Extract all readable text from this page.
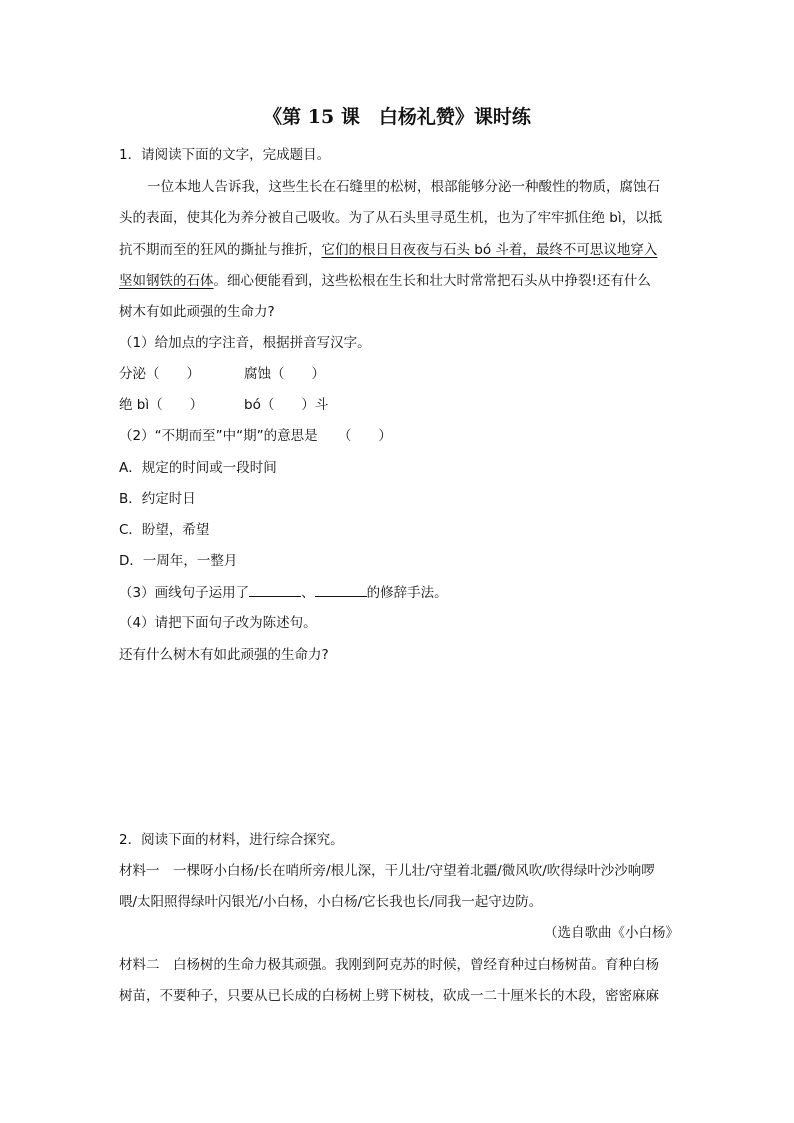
《第 15 课　白杨礼赞》课时练
1．请阅读下面的文字，完成题目。
一位本地人告诉我，这些生长在石缝里的松树，根部能够分泌一种酸性的物质，腐蚀石
头的表面，使其化为养分被自己吸收。为了从石头里寻觅生机，也为了牢牢抓住绝 bì，以抵
抗不期而至的狂风的撕扯与推折，它们的根日日夜夜与石头 bó 斗着，最终不可思议地穿入
坚如钢铁的石体。细心便能看到，这些松根在生长和壮大时常常把石头从中挣裂!还有什么
树木有如此顽强的生命力?
（1）给加点的字注音，根据拼音写汉字。
分泌（　　）	腐蚀（　　）
绝 bì（　　）	bó（　　）斗
（2）“不期而至”中“期”的意思是　　（　　）
A．规定的时间或一段时间
B．约定时日
C．盼望，希望
D．一周年，一整月
（3）画线句子运用了	、	的修辞手法。
（4）请把下面句子改为陈述句。
还有什么树木有如此顽强的生命力?
2．阅读下面的材料，进行综合探究。
材料一　一棵呀小白杨/长在哨所旁/根儿深，干儿壮/守望着北疆/微风吹/吹得绿叶沙沙响啰
喂/太阳照得绿叶闪银光/小白杨，小白杨/它长我也长/同我一起守边防。
（选自歌曲《小白杨》
材料二　白杨树的生命力极其顽强。我刚到阿克苏的时候，曾经育种过白杨树苗。育种白杨
树苗，不要种子，只要从已长成的白杨树上劈下树枝，砍成一二十厘米长的木段，密密麻麻
